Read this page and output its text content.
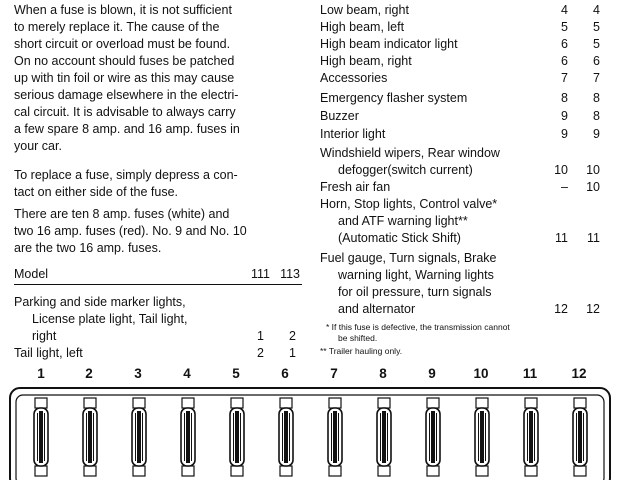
When a fuse is blown, it is not sufficient
to merely replace it. The cause of the
short circuit or overload must be found.
On no account should fuses be patched
up with tin foil or wire as this may cause
serious damage elsewhere in the electri-
cal circuit. It is advisable to always carry
a few spare 8 amp. and 16 amp. fuses in
your car.
To replace a fuse, simply depress a con-
tact on either side of the fuse.
There are ten 8 amp. fuses (white) and
two 16 amp. fuses (red). No. 9 and No. 10
are the two 16 amp. fuses.
Model	111 113
Parking and side marker lights,
License plate light, Tail light,
right	1	2
Tail light, left	2	1
Low beam, right	4	4
High beam, left	5	5
High beam indicator light	6	5
High beam, right	6	6
Accessories	7	7
Emergency flasher system	8	8
Buzzer	9	8
Interior light	9	9
Windshield wipers, Rear window
defogger(switch current)	10	10
Fresh air fan	–	10
Horn, Stop lights, Control valve*
and ATF warning light**
(Automatic Stick Shift)	11	11
Fuel gauge, Turn signals, Brake
warning light, Warning lights
for oil pressure, turn signals
and alternator	12	12
* If this fuse is defective, the transmission cannot
be shifted.
** Trailer hauling only.
1	2	3	4	5	6	7	8	9	10	11	12
